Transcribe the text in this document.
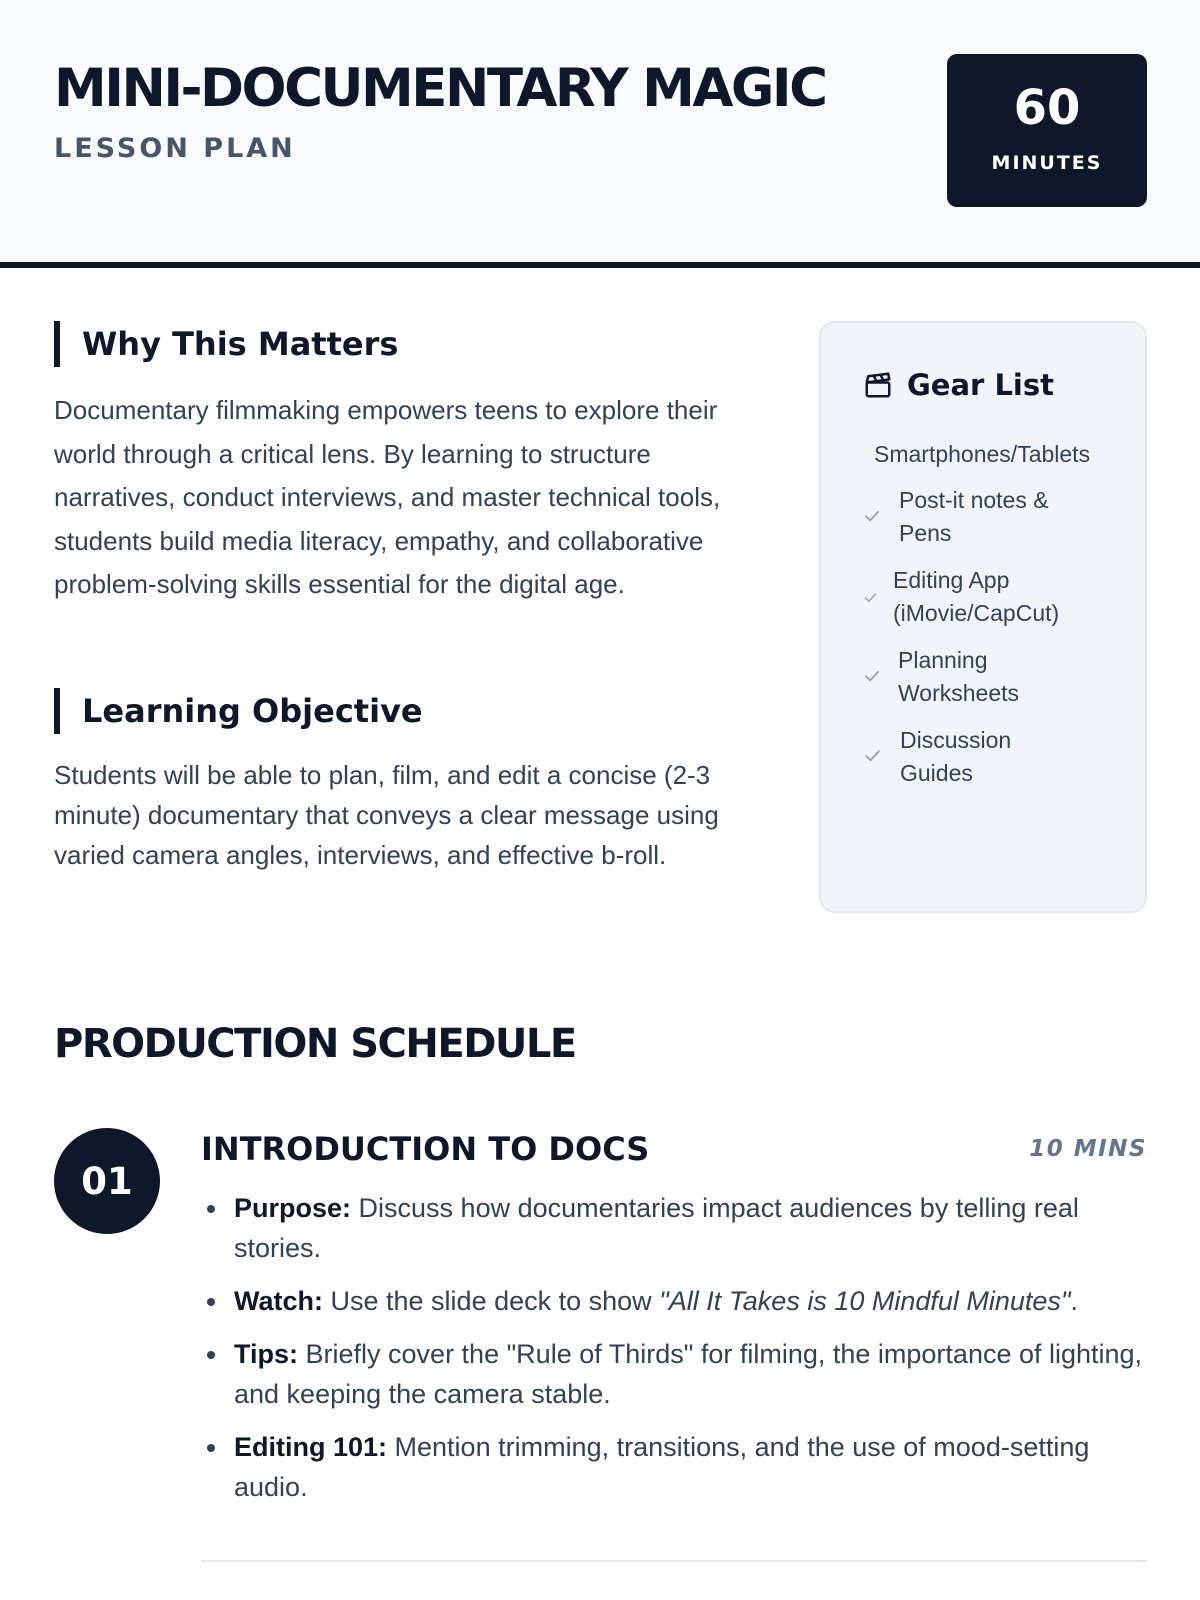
MINI-DOCUMENTARY MAGIC
LESSON PLAN
60
MINUTES
Why This Matters

Documentary filmmaking empowers teens to explore their world through a critical lens. By learning to structure narratives, conduct interviews, and master technical tools, students build media literacy, empathy, and collaborative problem-solving skills essential for the digital age.

Learning Objective

Students will be able to plan, film, and edit a concise (2-3 minute) documentary that conveys a clear message using varied camera angles, interviews, and effective b-roll.

Gear List
Smartphones/Tablets
Post-it notes & Pens
Editing App (iMovie/CapCut)
Planning Worksheets
Discussion Guides
PRODUCTION SCHEDULE
01
INTRODUCTION TO DOCS	10 MINS
Purpose: Discuss how documentaries impact audiences by telling real stories.
Watch: Use the slide deck to show "All It Takes is 10 Mindful Minutes".
Tips: Briefly cover the "Rule of Thirds" for filming, the importance of lighting, and keeping the camera stable.
Editing 101: Mention trimming, transitions, and the use of mood-setting audio.
